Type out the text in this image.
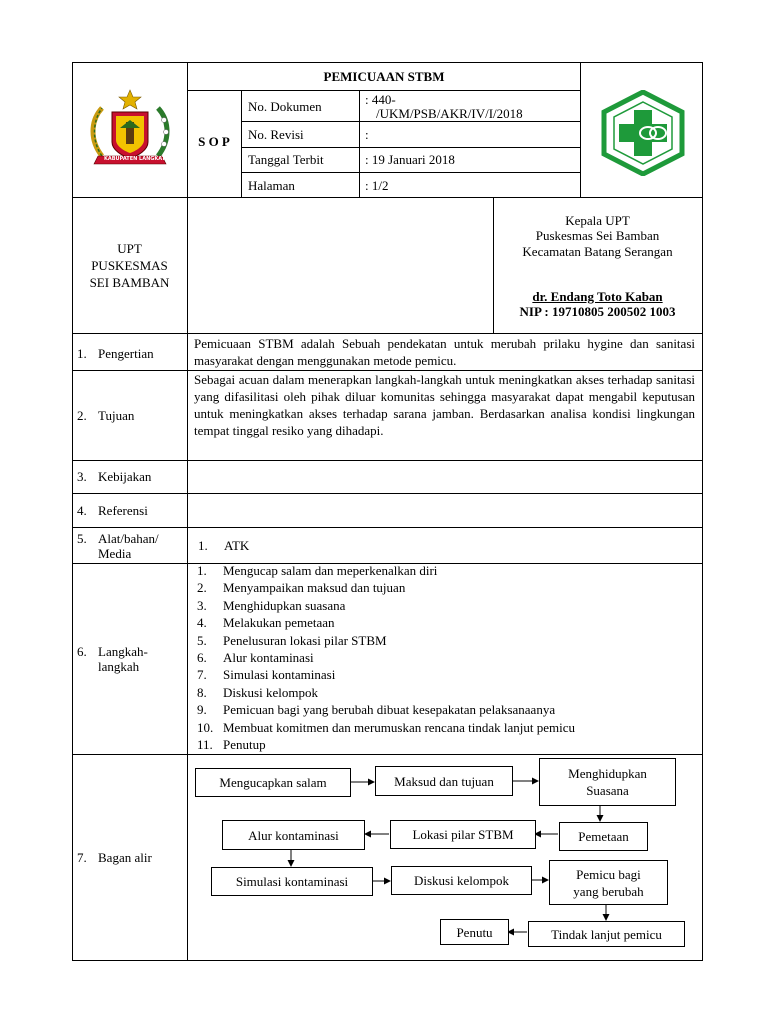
KABUPATEN LANGKAT
PEMICUAAN STBM
S O P
No. Dokumen	: 440-
/UKM/PSB/AKR/IV/I/2018
No. Revisi	:
Tanggal Terbit	: 19 Januari 2018
Halaman	: 1/2
UPT
PUSKESMAS
SEI BAMBAN
Kepala UPT
Puskesmas Sei Bamban
Kecamatan Batang Serangan
dr. Endang Toto Kaban
NIP : 19710805 200502 1003
1. Pengertian
Pemicuaan STBM adalah Sebuah pendekatan untuk merubah prilaku hygine dan sanitasi masyarakat dengan menggunakan metode pemicu.
2. Tujuan
Sebagai acuan dalam menerapkan langkah-langkah untuk meningkatkan akses terhadap sanitasi yang difasilitasi oleh pihak diluar komunitas sehingga masyarakat dapat mengabil keputusan untuk meningkatkan akses terhadap sarana jamban. Berdasarkan analisa kondisi lingkungan tempat tinggal resiko yang dihadapi.
3. Kebijakan
4. Referensi
5. Alat/bahan/
Media
1. ATK
6. Langkah-
langkah
1. Mengucap salam dan meperkenalkan diri
2. Menyampaikan maksud dan tujuan
3. Menghidupkan suasana
4. Melakukan pemetaan
5. Penelusuran lokasi pilar STBM
6. Alur kontaminasi
7. Simulasi kontaminasi
8. Diskusi kelompok
9. Pemicuan bagi yang berubah dibuat kesepakatan pelaksanaanya
10. Membuat komitmen dan merumuskan rencana tindak lanjut pemicu
11. Penutup
7. Bagan alir
Mengucapkan salam	Maksud dan tujuan	Menghidupkan
Suasana
Pemetaan
Lokasi pilar STBM
Alur kontaminasi
Simulasi kontaminasi	Diskusi kelompok	Pemicu bagi
yang berubah
Tindak lanjut pemicu
Penutu
